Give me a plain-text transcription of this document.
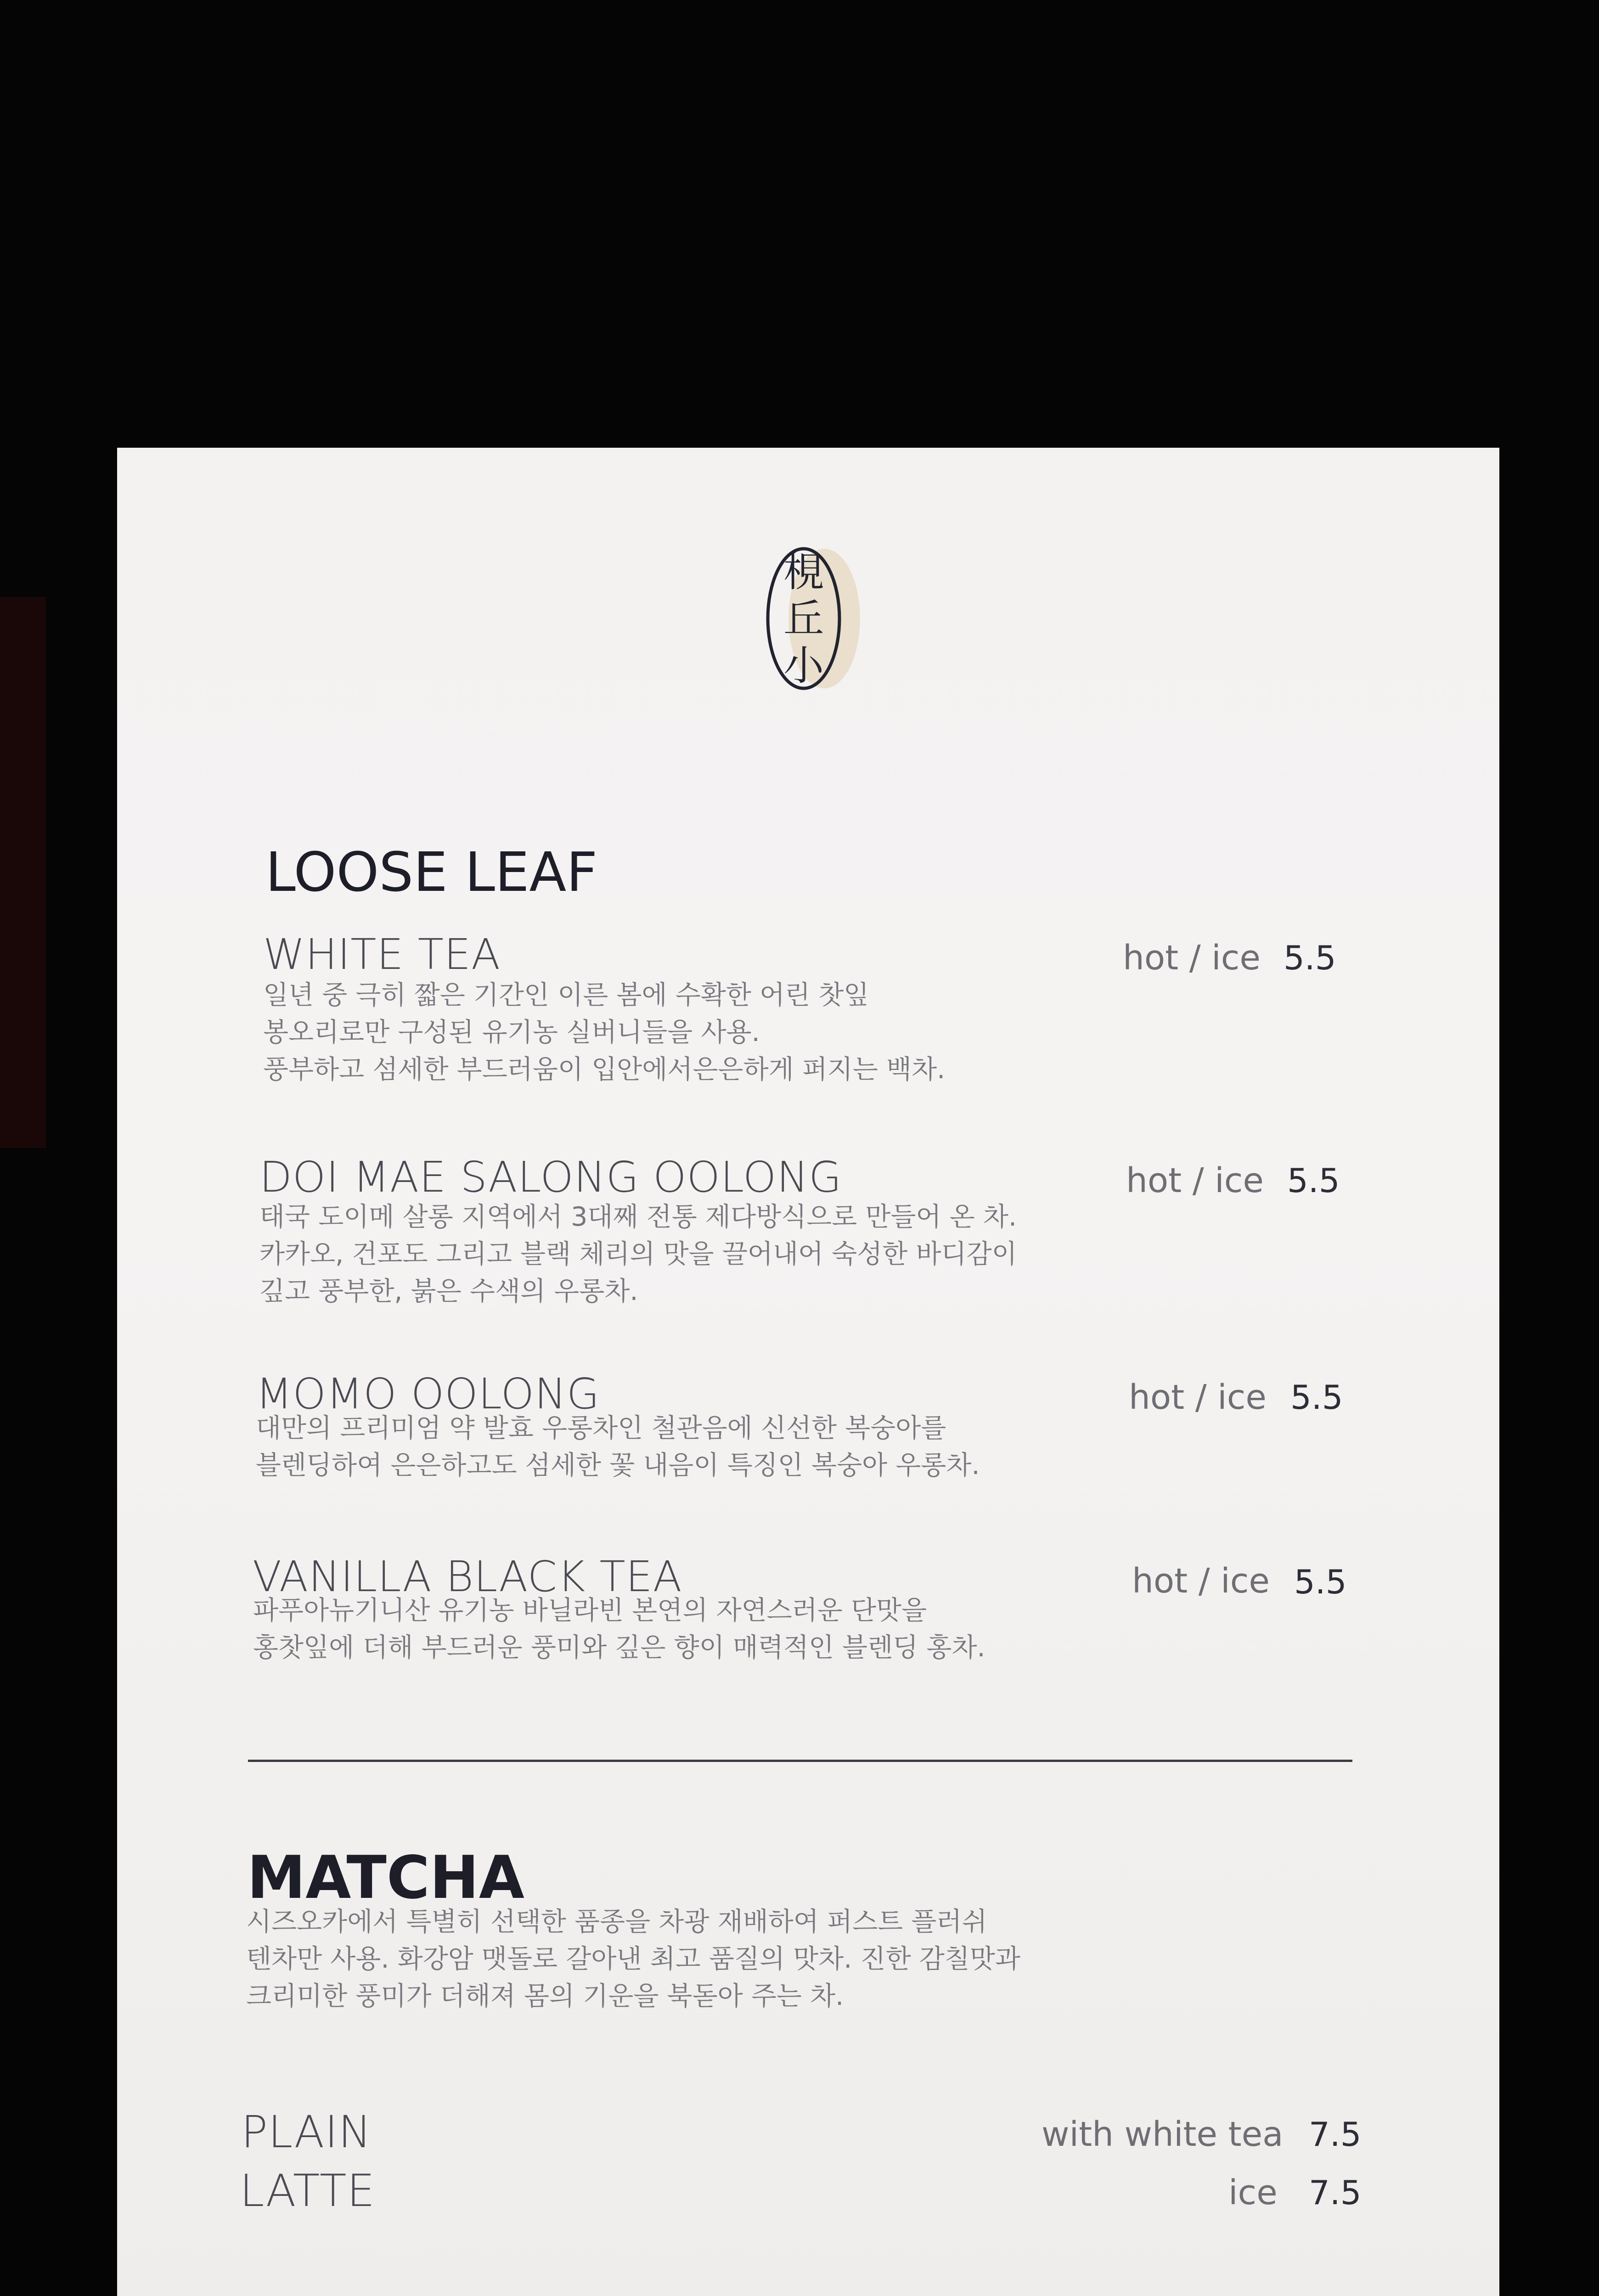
梘
丘
小
LOOSE LEAF
WHITE TEA	hot / ice 5.5
일년 중 극히 짧은 기간인 이른 봄에 수확한 어린 찻잎
봉오리로만 구성된 유기농 실버니들을 사용.
풍부하고 섬세한 부드러움이 입안에서은은하게 퍼지는 백차.
DOI MAE SALONG OOLONG	hot / ice 5.5
태국 도이메 살롱 지역에서 3대째 전통 제다방식으로 만들어 온 차.
카카오, 건포도 그리고 블랙 체리의 맛을 끌어내어 숙성한 바디감이
깊고 풍부한, 붉은 수색의 우롱차.
MOMO OOLONG	hot / ice 5.5
대만의 프리미엄 약 발효 우롱차인 철관음에 신선한 복숭아를
블렌딩하여 은은하고도 섬세한 꽃 내음이 특징인 복숭아 우롱차.
VANILLA BLACK TEA	hot / ice 5.5
파푸아뉴기니산 유기농 바닐라빈 본연의 자연스러운 단맛을
홍찻잎에 더해 부드러운 풍미와 깊은 향이 매력적인 블렌딩 홍차.
MATCHA
시즈오카에서 특별히 선택한 품종을 차광 재배하여 퍼스트 플러쉬
텐차만 사용. 화강암 맷돌로 갈아낸 최고 품질의 맛차. 진한 감칠맛과
크리미한 풍미가 더해져 몸의 기운을 북돋아 주는 차.
PLAIN	with white tea 7.5
LATTE	ice 7.5
